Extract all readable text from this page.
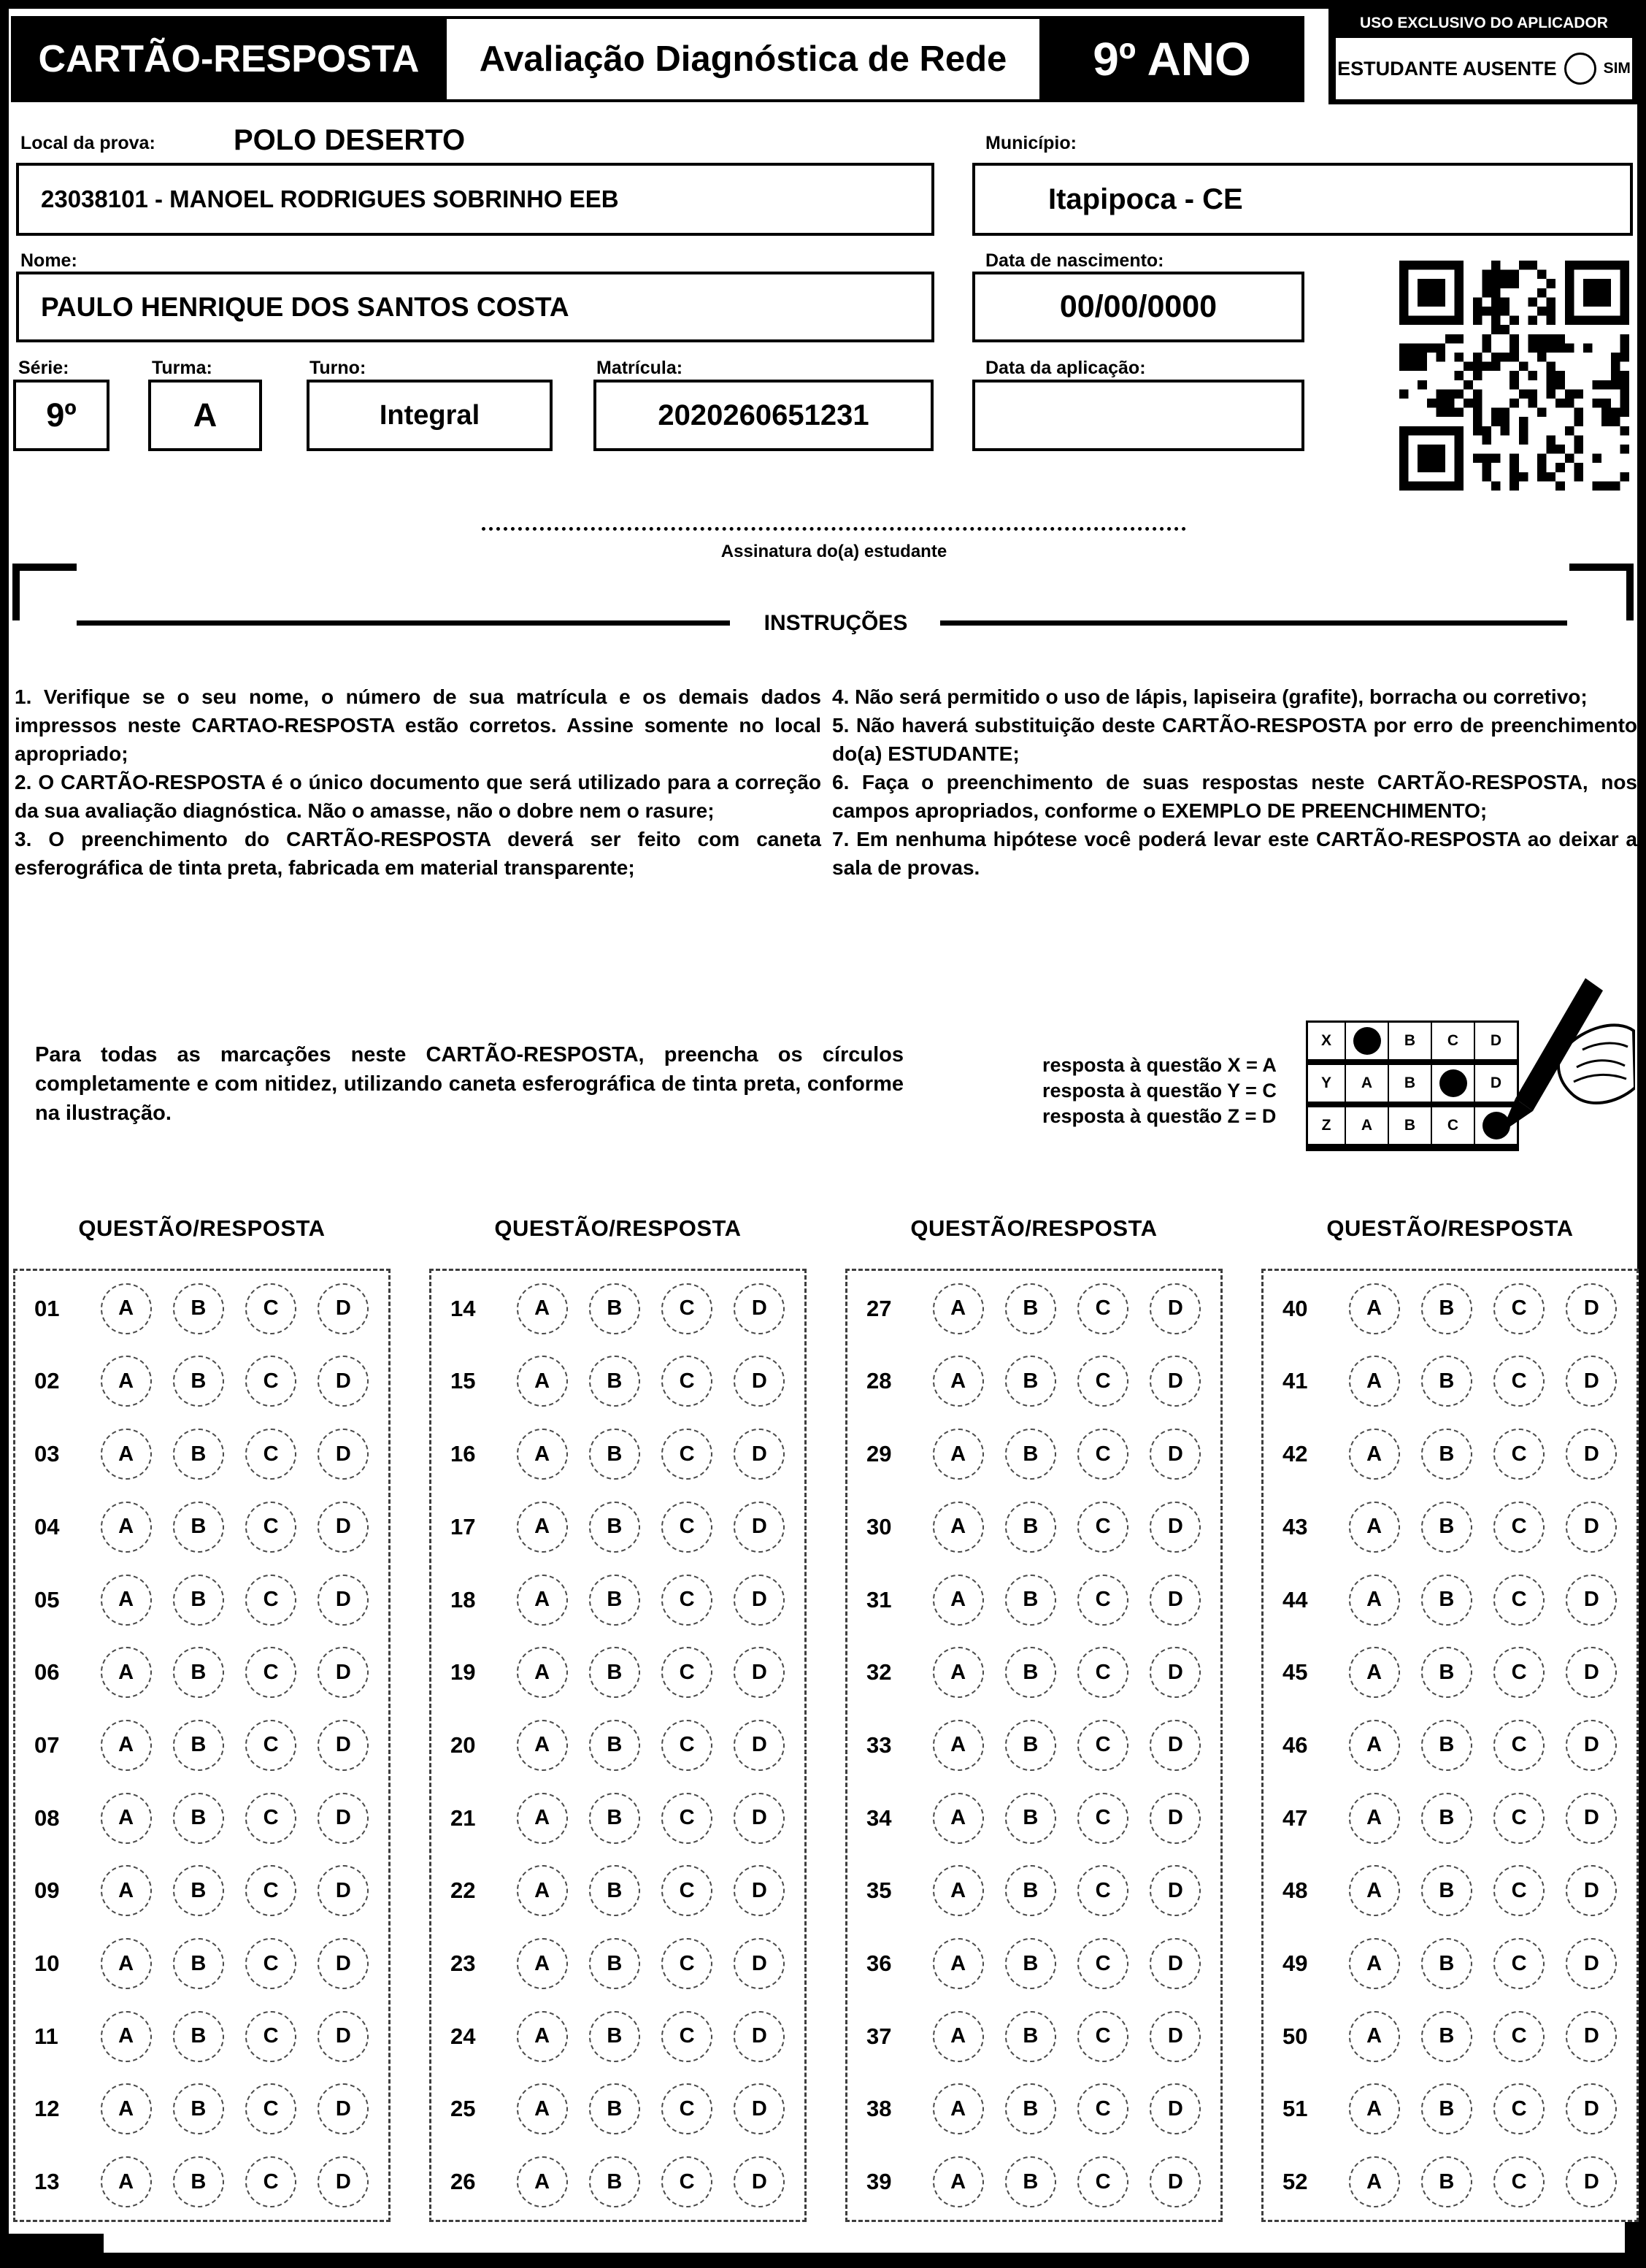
CARTÃO-RESPOSTA	Avaliação Diagnóstica de Rede	9º ANO
USO EXCLUSIVO DO APLICADOR
ESTUDANTE AUSENTE	SIM
Local da prova:	POLO DESERTO	Município:
23038101 - MANOEL RODRIGUES SOBRINHO EEB	Itapipoca - CE
Nome:	Data de nascimento:
PAULO HENRIQUE DOS SANTOS COSTA	00/00/0000
Série:	Turma:	Turno:	Matrícula:	Data da aplicação:
9º	A	Integral	2020260651231
Assinatura do(a) estudante
INSTRUÇÕES

1. Verifique se o seu nome, o número de sua matrícula e os demais dados impressos neste CARTAO-RESPOSTA estão corretos. Assine somente no local apropriado;

2. O CARTÃO-RESPOSTA é o único documento que será utilizado para a correção da sua avaliação diagnóstica. Não o amasse, não o dobre nem o rasure;

3. O preenchimento do CARTÃO-RESPOSTA deverá ser feito com caneta esferográfica de tinta preta, fabricada em material transparente;

4. Não será permitido o uso de lápis, lapiseira (grafite), borracha ou corretivo;

5. Não haverá substituição deste CARTÃO-RESPOSTA por erro de preenchimento do(a) ESTUDANTE;

6. Faça o preenchimento de suas respostas neste CARTÃO-RESPOSTA, nos campos apropriados, conforme o EXEMPLO DE PREENCHIMENTO;

7. Em nenhuma hipótese você poderá levar este CARTÃO-RESPOSTA ao deixar a sala de provas.

Para todas as marcações neste CARTÃO-RESPOSTA, preencha os círculos completamente e com nitidez, utilizando caneta esferográfica de tinta preta, conforme na ilustração.
resposta à questão X = A
resposta à questão Y = C
resposta à questão Z = D
X	B	C	D
Y	A	B	D
Z	A	B	C
QUESTÃO/RESPOSTA
01	A	B	C	D
02	A	B	C	D
03	A	B	C	D
04	A	B	C	D
05	A	B	C	D
06	A	B	C	D
07	A	B	C	D
08	A	B	C	D
09	A	B	C	D
10	A	B	C	D
11	A	B	C	D
12	A	B	C	D
13	A	B	C	D
QUESTÃO/RESPOSTA
14	A	B	C	D
15	A	B	C	D
16	A	B	C	D
17	A	B	C	D
18	A	B	C	D
19	A	B	C	D
20	A	B	C	D
21	A	B	C	D
22	A	B	C	D
23	A	B	C	D
24	A	B	C	D
25	A	B	C	D
26	A	B	C	D
QUESTÃO/RESPOSTA
27	A	B	C	D
28	A	B	C	D
29	A	B	C	D
30	A	B	C	D
31	A	B	C	D
32	A	B	C	D
33	A	B	C	D
34	A	B	C	D
35	A	B	C	D
36	A	B	C	D
37	A	B	C	D
38	A	B	C	D
39	A	B	C	D
QUESTÃO/RESPOSTA
40	A	B	C	D
41	A	B	C	D
42	A	B	C	D
43	A	B	C	D
44	A	B	C	D
45	A	B	C	D
46	A	B	C	D
47	A	B	C	D
48	A	B	C	D
49	A	B	C	D
50	A	B	C	D
51	A	B	C	D
52	A	B	C	D
